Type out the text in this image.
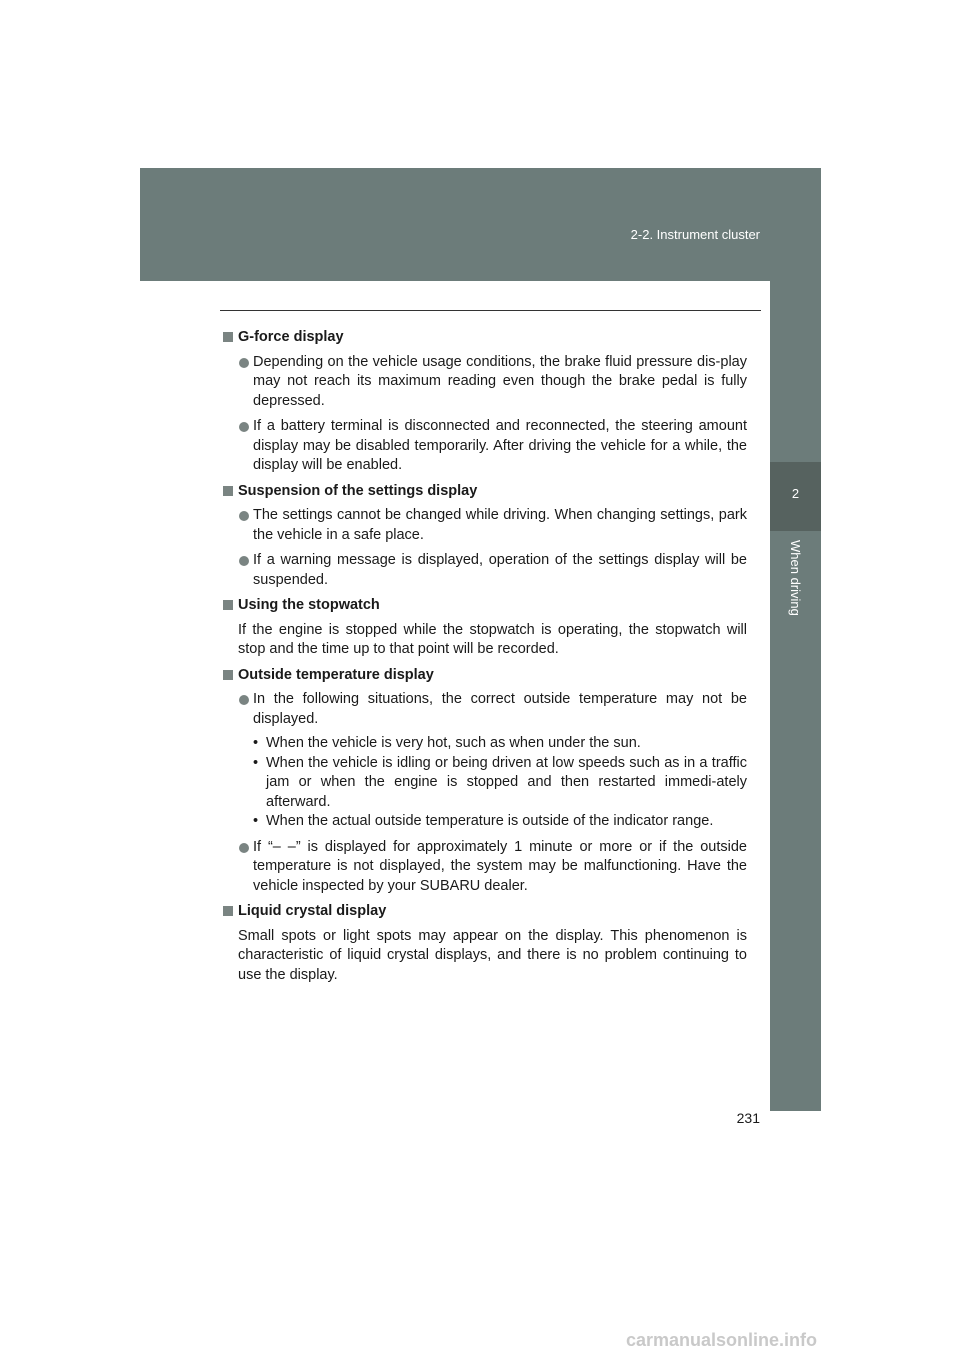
2-2. Instrument cluster
2
When driving
G-force display
Depending on the vehicle usage conditions, the brake fluid pressure dis-play may not reach its maximum reading even though the brake pedal is fully depressed.
If a battery terminal is disconnected and reconnected, the steering amount display may be disabled temporarily. After driving the vehicle for a while, the display will be enabled.
Suspension of the settings display
The settings cannot be changed while driving. When changing settings, park the vehicle in a safe place.
If a warning message is displayed, operation of the settings display will be suspended.
Using the stopwatch
If the engine is stopped while the stopwatch is operating, the stopwatch will stop and the time up to that point will be recorded.
Outside temperature display
In the following situations, the correct outside temperature may not be displayed.
• When the vehicle is very hot, such as when under the sun.
• When the vehicle is idling or being driven at low speeds such as in a traffic jam or when the engine is stopped and then restarted immedi-ately afterward.
• When the actual outside temperature is outside of the indicator range.
If “– –” is displayed for approximately 1 minute or more or if the outside temperature is not displayed, the system may be malfunctioning. Have the vehicle inspected by your SUBARU dealer.
Liquid crystal display
Small spots or light spots may appear on the display. This phenomenon is characteristic of liquid crystal displays, and there is no problem continuing to use the display.
231
carmanualsonline.info
